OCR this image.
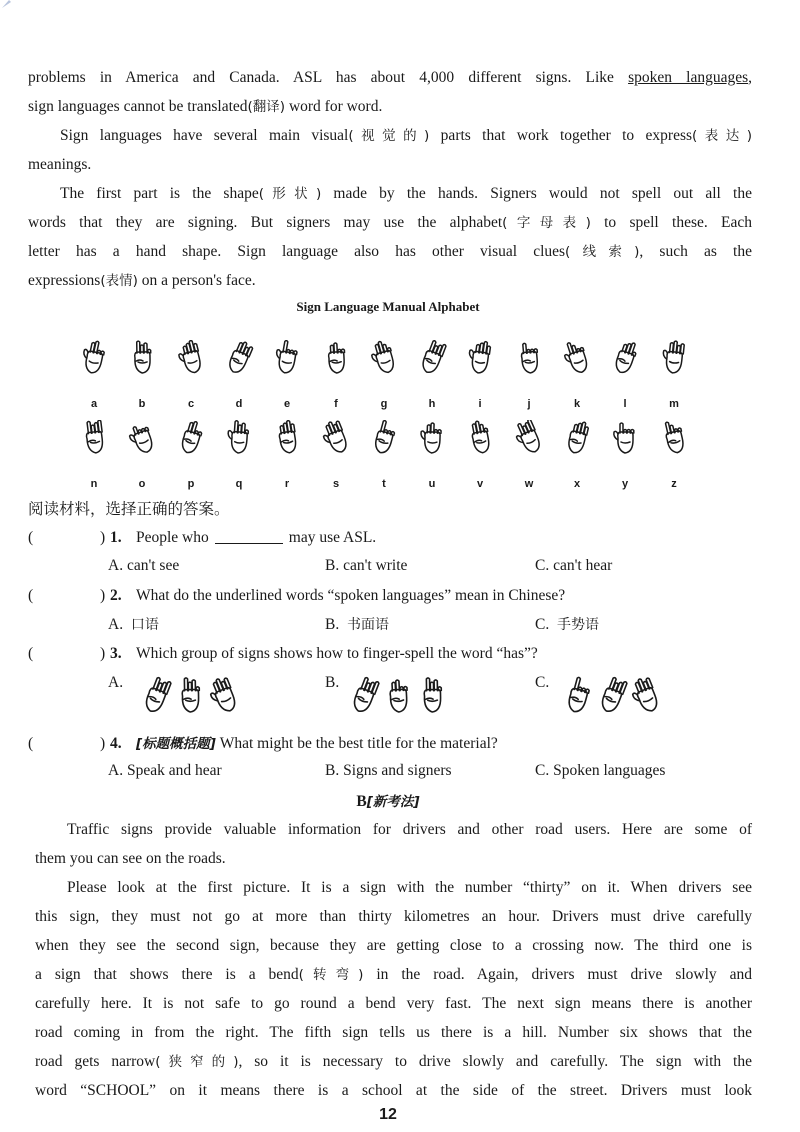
problems in America and Canada. ASL has about 4,000 different signs. Like spoken languages,

sign languages cannot be translated(翻译) word for word.

Sign languages have several main visual(视觉的) parts that work together to express(表达)

meanings.

The first part is the shape(形状) made by the hands. Signers would not spell out all the

words that they are signing. But signers may use the alphabet(字母表) to spell these. Each

letter has a hand shape. Sign language also has other visual clues(线索), such as the

expressions(表情) on a person's face.

Sign Language Manual Alphabet
a	b	c	d	e	f	g	h	i	j	k	l	m
n	o	p	q	r	s	t	u	v	w	x	y	z
阅读材料，选择正确的答案。
(	) 1. People who	may use ASL.
A. can't see	B. can't write	C. can't hear
(	) 2. What do the underlined words “spoken languages” mean in Chinese?
A. 口语	B. 书面语	C. 手势语
(	) 3. Which group of signs shows how to finger-spell the word “has”?
A.	B.	C.
(	) 4. [标题概括题] What might be the best title for the material?
A. Speak and hear	B. Signs and signers	C. Spoken languages
B[新考法]

Traffic signs provide valuable information for drivers and other road users. Here are some of

them you can see on the roads.

Please look at the first picture. It is a sign with the number “thirty” on it. When drivers see

this sign, they must not go at more than thirty kilometres an hour. Drivers must drive carefully

when they see the second sign, because they are getting close to a crossing now. The third one is

a sign that shows there is a bend(转弯) in the road. Again, drivers must drive slowly and

carefully here. It is not safe to go round a bend very fast. The next sign means there is another

road coming in from the right. The fifth sign tells us there is a hill. Number six shows that the

road gets narrow(狭窄的), so it is necessary to drive slowly and carefully. The sign with the

word “SCHOOL” on it means there is a school at the side of the street. Drivers must look

12
